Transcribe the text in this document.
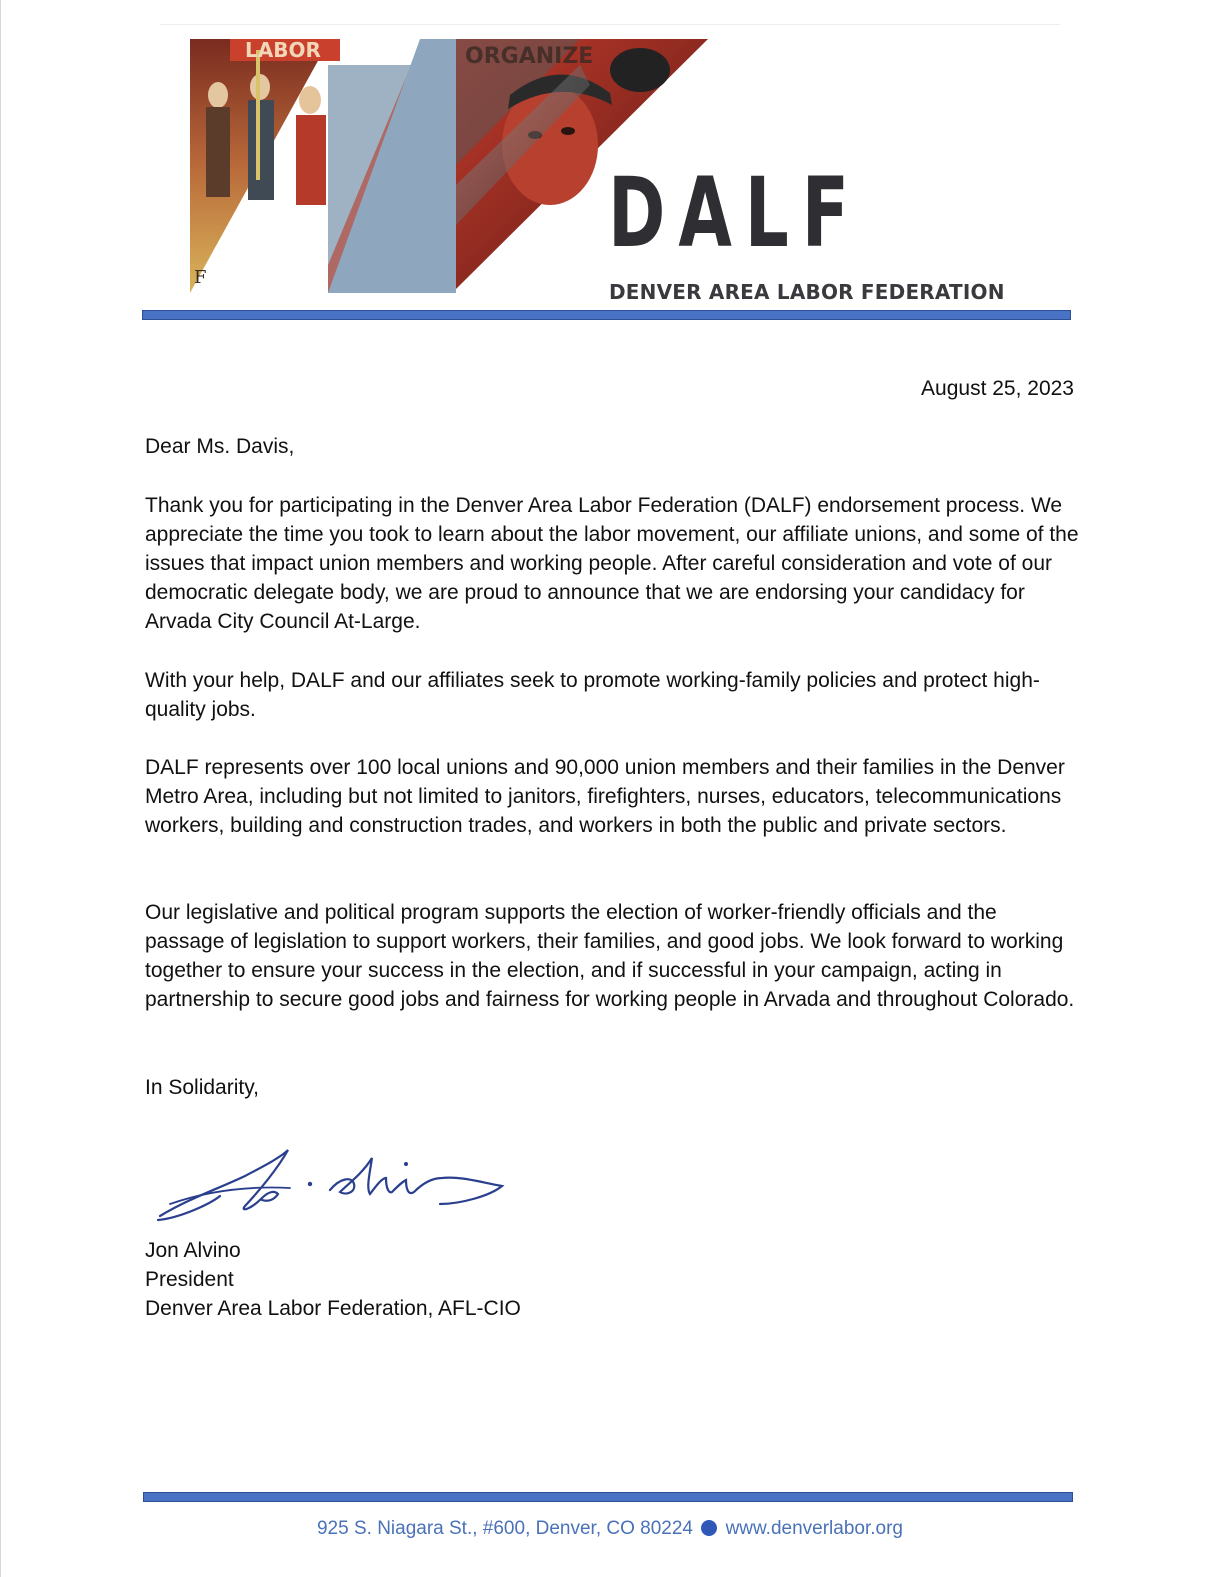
ORGANIZE
LABOR
F
DALF
DENVER AREA LABOR FEDERATION
August 25, 2023
Dear Ms. Davis,
Thank you for participating in the Denver Area Labor Federation (DALF) endorsement process. We appreciate the time you took to learn about the labor movement, our affiliate unions, and some of the issues that impact union members and working people. After careful consideration and vote of our democratic delegate body, we are proud to announce that we are endorsing your candidacy for Arvada City Council At-Large.
With your help, DALF and our affiliates seek to promote working-family policies and protect high-quality jobs.
DALF represents over 100 local unions and 90,000 union members and their families in the Denver Metro Area, including but not limited to janitors, firefighters, nurses, educators, telecommunications workers, building and construction trades, and workers in both the public and private sectors.
Our legislative and political program supports the election of worker-friendly officials and the passage of legislation to support workers, their families, and good jobs. We look forward to working together to ensure your success in the election, and if successful in your campaign, acting in partnership to secure good jobs and fairness for working people in Arvada and throughout Colorado.
In Solidarity,
Jon Alvino
President
Denver Area Labor Federation, AFL-CIO
925 S. Niagara St., #600, Denver, CO 80224 www.denverlabor.org
